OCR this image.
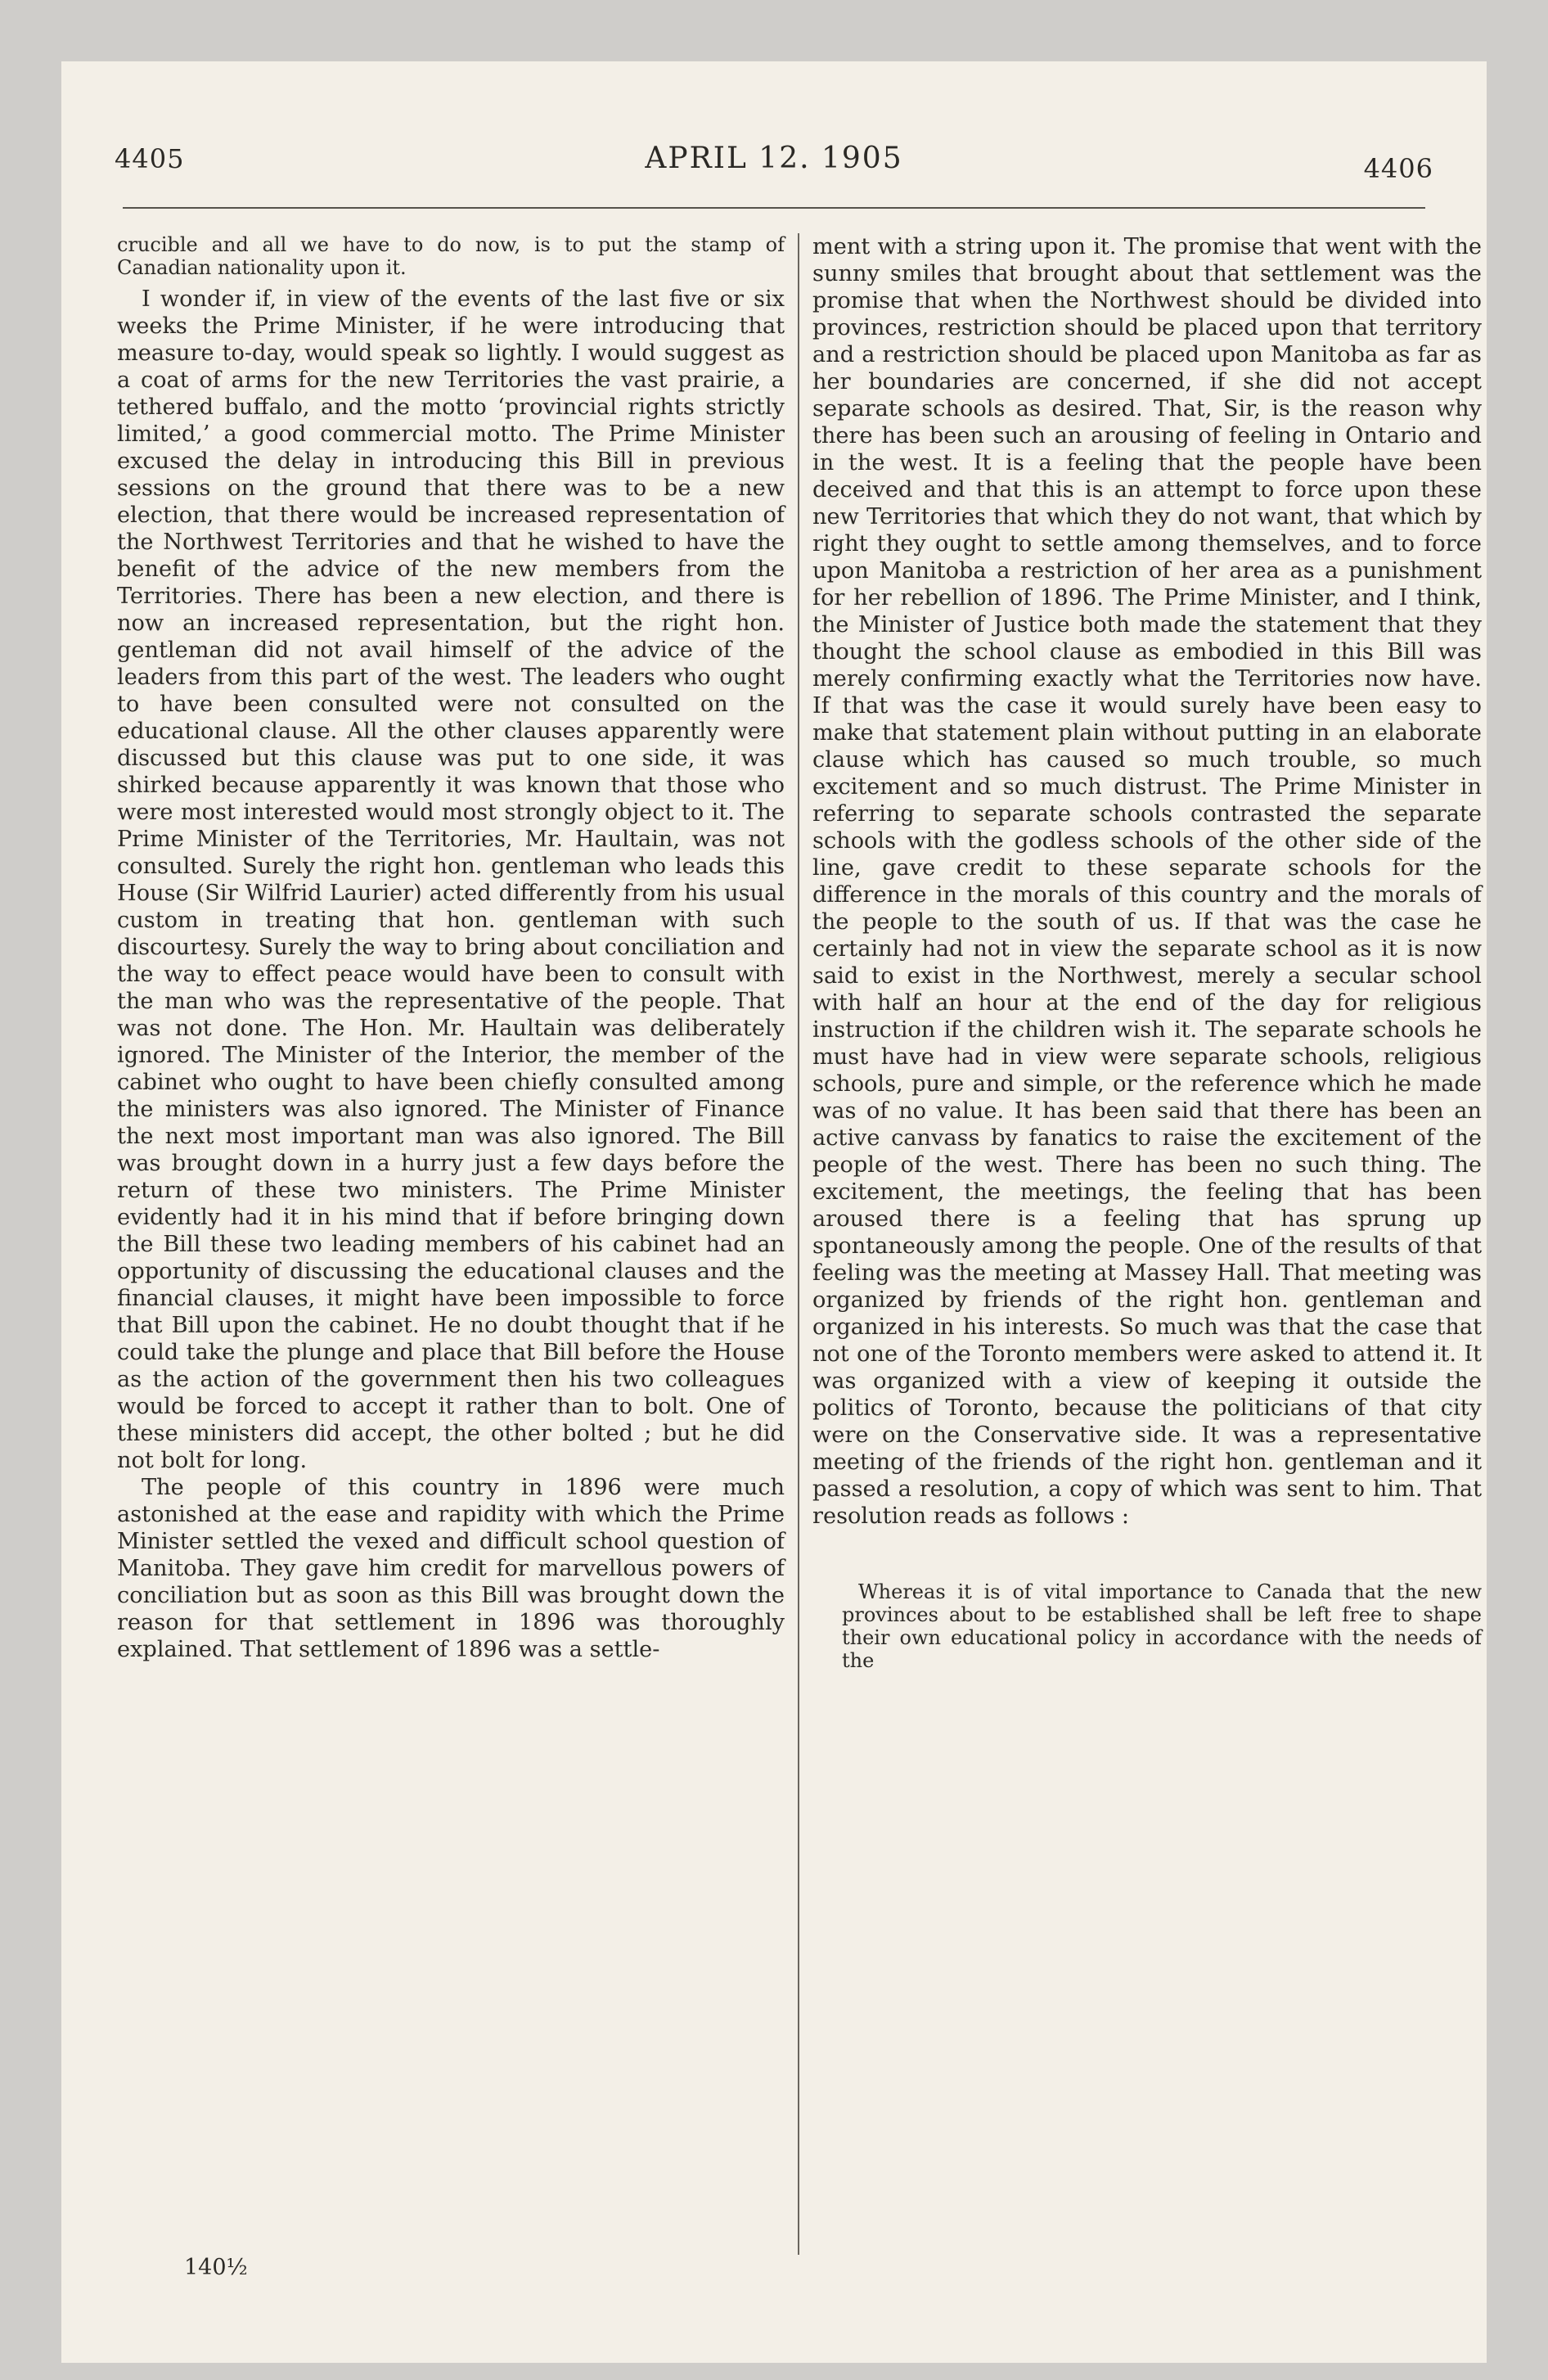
4405	APRIL 12. 1905	4406

crucible and all we have to do now, is to put the stamp of Canadian nationality upon it.

I wonder if, in view of the events of the last five or six weeks the Prime Minister, if he were introducing that measure to-day, would speak so lightly. I would suggest as a coat of arms for the new Territories the vast prairie, a tethered buffalo, and the motto ‘provincial rights strictly limited,’ a good commercial motto. The Prime Minister excused the delay in introducing this Bill in previous sessions on the ground that there was to be a new election, that there would be increased representation of the Northwest Territories and that he wished to have the benefit of the advice of the new members from the Territories. There has been a new election, and there is now an increased representation, but the right hon. gentleman did not avail himself of the advice of the leaders from this part of the west. The leaders who ought to have been consulted were not consulted on the educational clause. All the other clauses apparently were discussed but this clause was put to one side, it was shirked because apparently it was known that those who were most interested would most strongly object to it. The Prime Minister of the Territories, Mr. Haultain, was not consulted. Surely the right hon. gentleman who leads this House (Sir Wilfrid Laurier) acted differently from his usual custom in treating that hon. gentleman with such discourtesy. Surely the way to bring about conciliation and the way to effect peace would have been to consult with the man who was the representative of the people. That was not done. The Hon. Mr. Haultain was deliberately ignored. The Minister of the Interior, the member of the cabinet who ought to have been chiefly consulted among the ministers was also ignored. The Minister of Finance the next most important man was also ignored. The Bill was brought down in a hurry just a few days before the return of these two ministers. The Prime Minister evidently had it in his mind that if before bringing down the Bill these two leading members of his cabinet had an opportunity of discussing the educational clauses and the financial clauses, it might have been impossible to force that Bill upon the cabinet. He no doubt thought that if he could take the plunge and place that Bill before the House as the action of the government then his two colleagues would be forced to accept it rather than to bolt. One of these ministers did accept, the other bolted ; but he did not bolt for long.

The people of this country in 1896 were much astonished at the ease and rapidity with which the Prime Minister settled the vexed and difficult school question of Manitoba. They gave him credit for marvellous powers of conciliation but as soon as this Bill was brought down the reason for that settlement in 1896 was thoroughly explained. That settlement of 1896 was a settle-

ment with a string upon it. The promise that went with the sunny smiles that brought about that settlement was the promise that when the Northwest should be divided into provinces, restriction should be placed upon that territory and a restriction should be placed upon Manitoba as far as her boundaries are concerned, if she did not accept separate schools as desired. That, Sir, is the reason why there has been such an arousing of feeling in Ontario and in the west. It is a feeling that the people have been deceived and that this is an attempt to force upon these new Territories that which they do not want, that which by right they ought to settle among themselves, and to force upon Manitoba a restriction of her area as a punishment for her rebellion of 1896. The Prime Minister, and I think, the Minister of Justice both made the statement that they thought the school clause as embodied in this Bill was merely confirming exactly what the Territories now have. If that was the case it would surely have been easy to make that statement plain without putting in an elaborate clause which has caused so much trouble, so much excitement and so much distrust. The Prime Minister in referring to separate schools contrasted the separate schools with the godless schools of the other side of the line, gave credit to these separate schools for the difference in the morals of this country and the morals of the people to the south of us. If that was the case he certainly had not in view the separate school as it is now said to exist in the Northwest, merely a secular school with half an hour at the end of the day for religious instruction if the children wish it. The separate schools he must have had in view were separate schools, religious schools, pure and simple, or the reference which he made was of no value. It has been said that there has been an active canvass by fanatics to raise the excitement of the people of the west. There has been no such thing. The excitement, the meetings, the feeling that has been aroused there is a feeling that has sprung up spontaneously among the people. One of the results of that feeling was the meeting at Massey Hall. That meeting was organized by friends of the right hon. gentleman and organized in his interests. So much was that the case that not one of the Toronto members were asked to attend it. It was organized with a view of keeping it outside the politics of Toronto, because the politicians of that city were on the Conservative side. It was a representative meeting of the friends of the right hon. gentleman and it passed a resolution, a copy of which was sent to him. That resolution reads as follows :

Whereas it is of vital importance to Canada that the new provinces about to be established shall be left free to shape their own educational policy in accordance with the needs of the

140½
